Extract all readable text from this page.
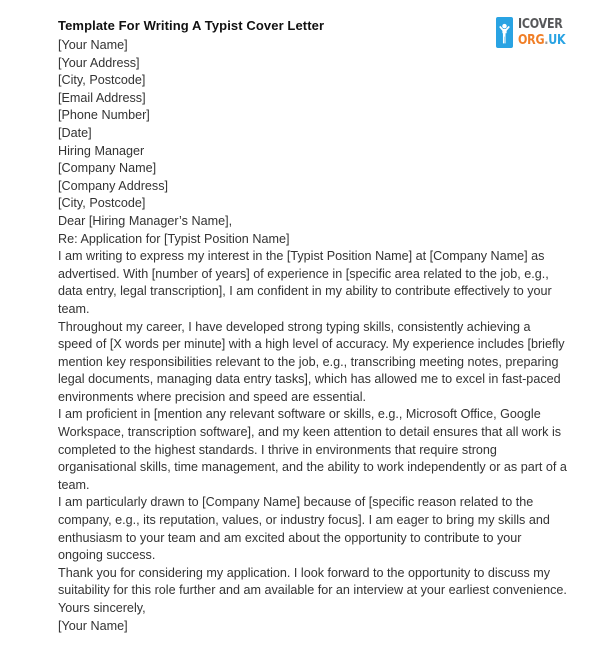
ICOVER
ORG.UK
Template For Writing A Typist Cover Letter

[Your Name]

[Your Address]

[City, Postcode]

[Email Address]

[Phone Number]

[Date]

Hiring Manager

[Company Name]

[Company Address]

[City, Postcode]

Dear [Hiring Manager’s Name],

Re: Application for [Typist Position Name]

I am writing to express my interest in the [Typist Position Name] at [Company Name] as advertised. With [number of years] of experience in [specific area related to the job, e.g., data entry, legal transcription], I am confident in my ability to contribute effectively to your team.

Throughout my career, I have developed strong typing skills, consistently achieving a speed of [X words per minute] with a high level of accuracy. My experience includes [briefly mention key responsibilities relevant to the job, e.g., transcribing meeting notes, preparing legal documents, managing data entry tasks], which has allowed me to excel in fast-paced environments where precision and speed are essential.

I am proficient in [mention any relevant software or skills, e.g., Microsoft Office, Google Workspace, transcription software], and my keen attention to detail ensures that all work is completed to the highest standards. I thrive in environments that require strong organisational skills, time management, and the ability to work independently or as part of a team.

I am particularly drawn to [Company Name] because of [specific reason related to the company, e.g., its reputation, values, or industry focus]. I am eager to bring my skills and enthusiasm to your team and am excited about the opportunity to contribute to your ongoing success.

Thank you for considering my application. I look forward to the opportunity to discuss my suitability for this role further and am available for an interview at your earliest convenience.

Yours sincerely,

[Your Name]
